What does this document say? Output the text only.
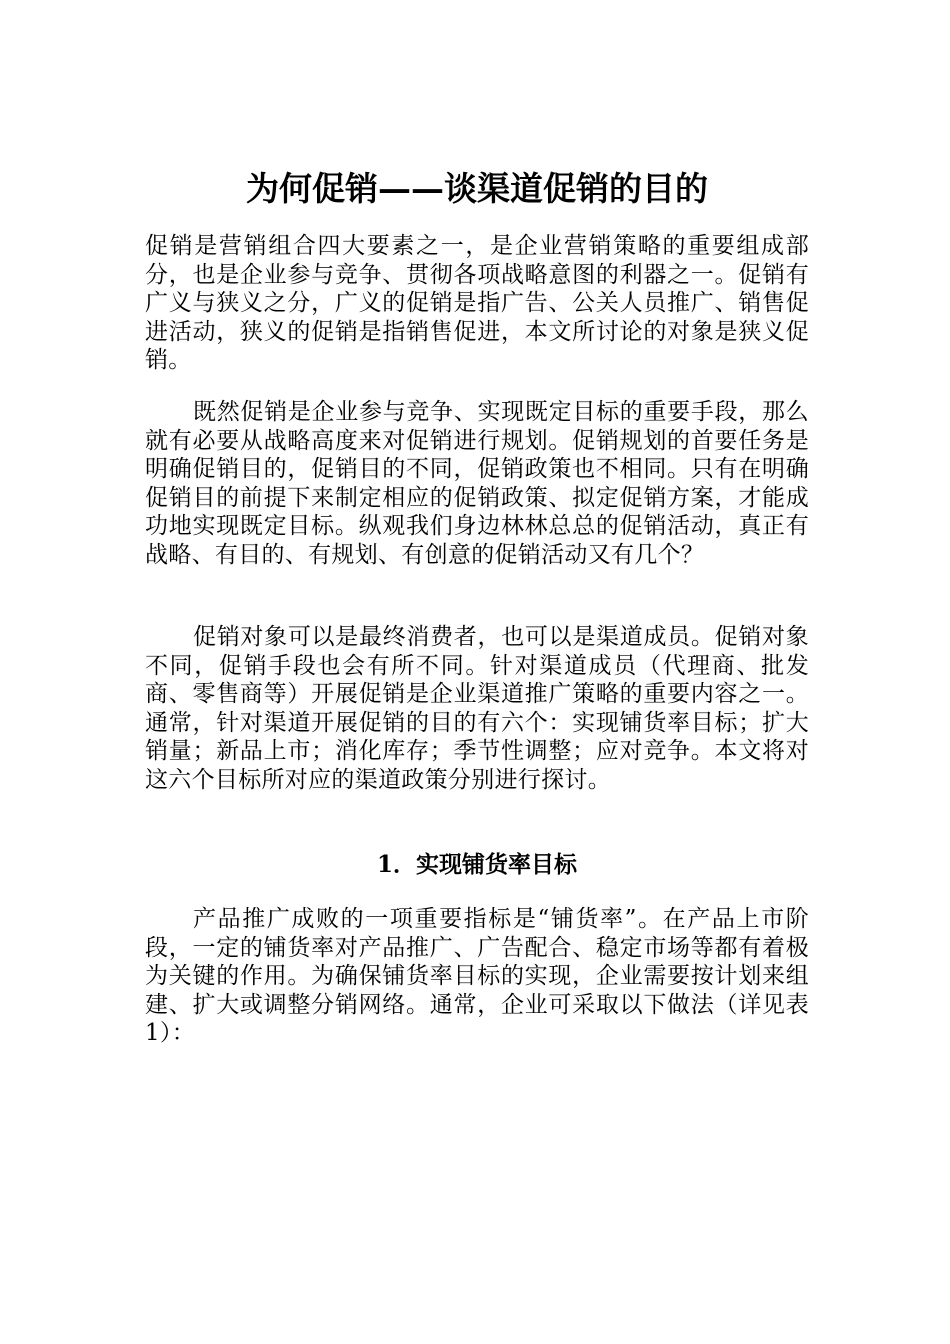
为何促销——谈渠道促销的目的

促销是营销组合四大要素之一，是企业营销策略的重要组成部分，也是企业参与竞争、贯彻各项战略意图的利器之一。促销有广义与狭义之分，广义的促销是指广告、公关人员推广、销售促进活动，狭义的促销是指销售促进，本文所讨论的对象是狭义促销。

既然促销是企业参与竞争、实现既定目标的重要手段，那么就有必要从战略高度来对促销进行规划。促销规划的首要任务是明确促销目的，促销目的不同，促销政策也不相同。只有在明确促销目的前提下来制定相应的促销政策、拟定促销方案，才能成功地实现既定目标。纵观我们身边林林总总的促销活动，真正有战略、有目的、有规划、有创意的促销活动又有几个？

促销对象可以是最终消费者，也可以是渠道成员。促销对象不同，促销手段也会有所不同。针对渠道成员（代理商、批发商、零售商等）开展促销是企业渠道推广策略的重要内容之一。通常，针对渠道开展促销的目的有六个：实现铺货率目标；扩大销量；新品上市；消化库存；季节性调整；应对竞争。本文将对这六个目标所对应的渠道政策分别进行探讨。

1．实现铺货率目标

产品推广成败的一项重要指标是“铺货率”。在产品上市阶段，一定的铺货率对产品推广、广告配合、稳定市场等都有着极为关键的作用。为确保铺货率目标的实现，企业需要按计划来组建、扩大或调整分销网络。通常，企业可采取以下做法（详见表1）：
